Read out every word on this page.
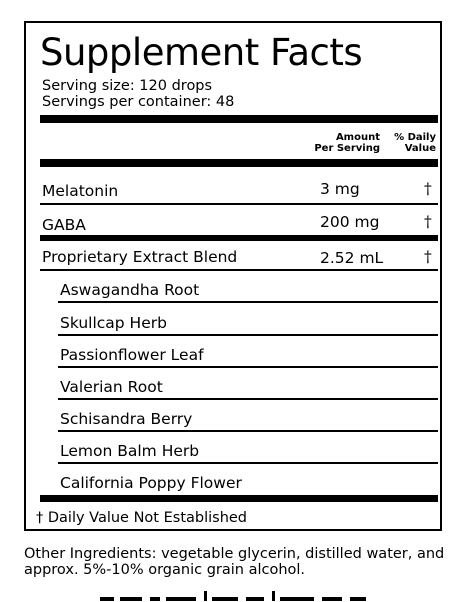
Supplement Facts
Serving size: 120 drops
Servings per container: 48
Amount
Per Serving
% Daily
Value
Melatonin	3 mg	†
GABA	200 mg	†
Proprietary Extract Blend	2.52 mL	†
Aswagandha Root
Skullcap Herb
Passionflower Leaf
Valerian Root
Schisandra Berry
Lemon Balm Herb
California Poppy Flower
† Daily Value Not Established
Other Ingredients: vegetable glycerin, distilled water, and approx. 5%-10% organic grain alcohol.
